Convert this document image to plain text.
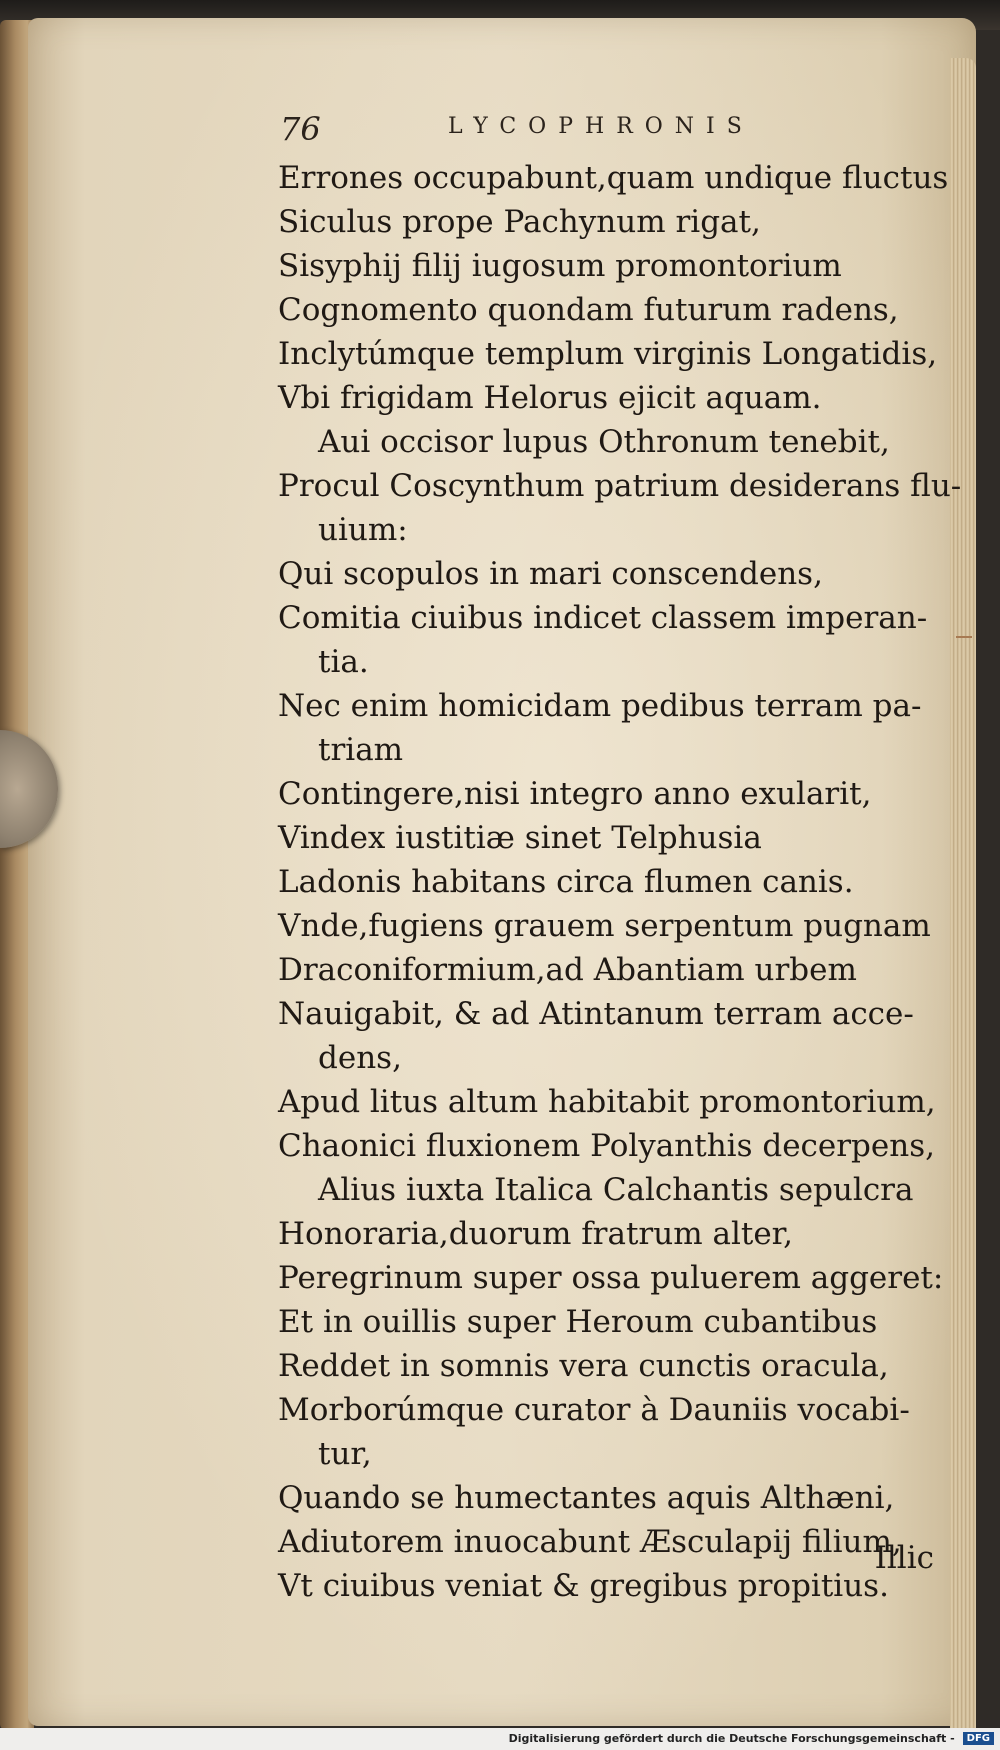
76	LYCOPHRONIS
Errones occupabunt,quam undique fluctus
Siculus prope Pachynum rigat,
Sisyphij filij iugosum promontorium
Cognomento quondam futurum radens,
Inclytúmque templum virginis Longatidis,
Vbi frigidam Helorus ejicit aquam.
Aui occisor lupus Othronum tenebit,
Procul Coscynthum patrium desiderans flu-
uium:
Qui scopulos in mari conscendens,
Comitia ciuibus indicet classem imperan-
tia.
Nec enim homicidam pedibus terram pa-
triam
Contingere,nisi integro anno exularit,
Vindex iustitiæ sinet Telphusia
Ladonis habitans circa flumen canis.
Vnde,fugiens grauem serpentum pugnam
Draconiformium,ad Abantiam urbem
Nauigabit, & ad Atintanum terram acce-
dens,
Apud litus altum habitabit promontorium,
Chaonici fluxionem Polyanthis decerpens,
Alius iuxta Italica Calchantis sepulcra
Honoraria,duorum fratrum alter,
Peregrinum super ossa puluerem aggeret:
Et in ouillis super Heroum cubantibus
Reddet in somnis vera cunctis oracula,
Morborúmque curator à Dauniis vocabi-
tur,
Quando se humectantes aquis Althæni,
Adiutorem inuocabunt Æsculapij filium,
Vt ciuibus veniat & gregibus propitius.
Illic
Digitalisierung gefördert durch die Deutsche Forschungsgemeinschaft - DFG
